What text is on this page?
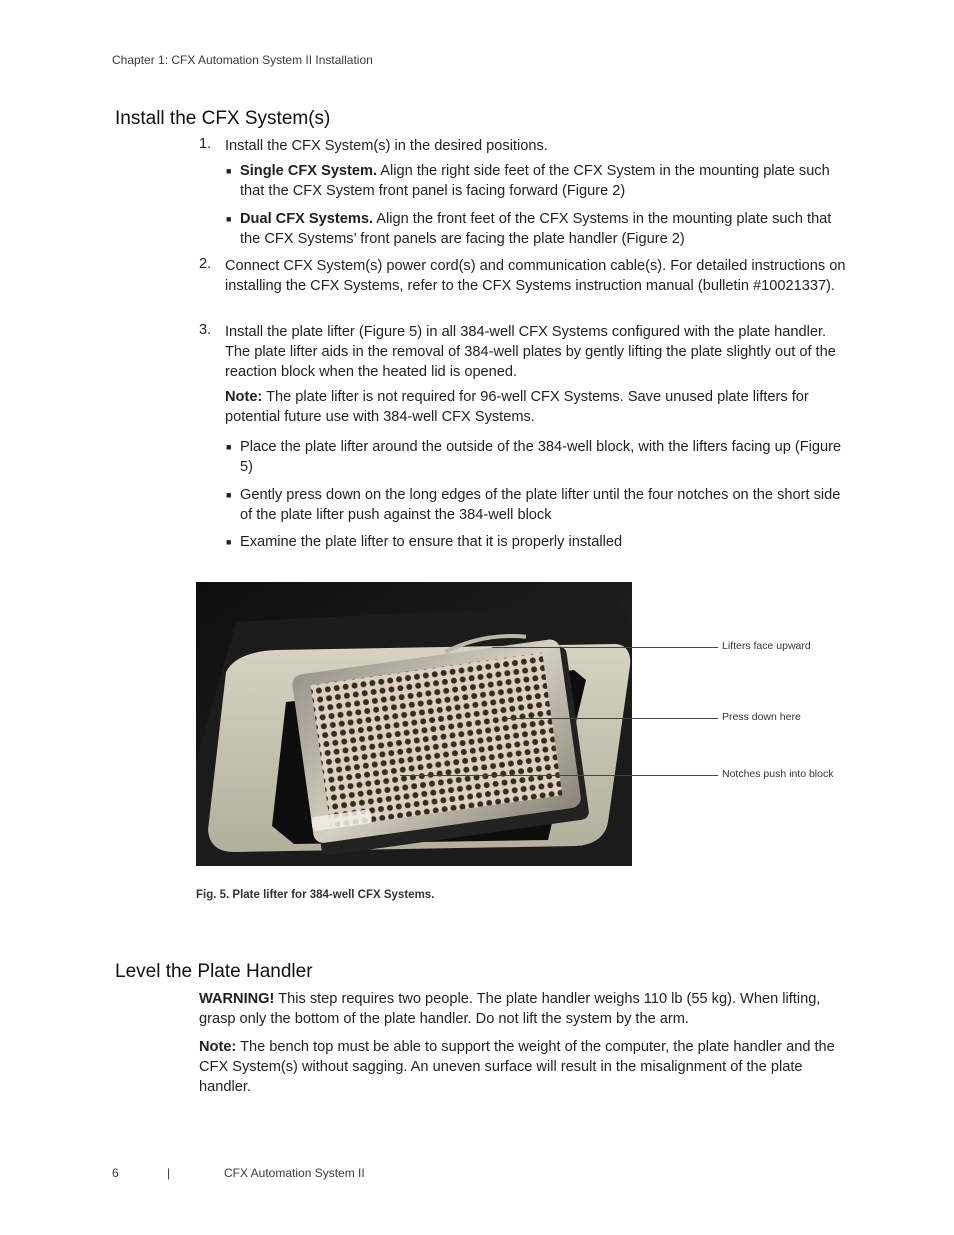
Chapter 1: CFX Automation System II Installation
Install the CFX System(s)
1. Install the CFX System(s) in the desired positions.
■ Single CFX System. Align the right side feet of the CFX System in the mounting plate such that the CFX System front panel is facing forward (Figure 2)
■ Dual CFX Systems. Align the front feet of the CFX Systems in the mounting plate such that the CFX Systems’ front panels are facing the plate handler (Figure 2)
2. Connect CFX System(s) power cord(s) and communication cable(s). For detailed instructions on installing the CFX Systems, refer to the CFX Systems instruction manual (bulletin #10021337).
3. Install the plate lifter (Figure 5) in all 384-well CFX Systems configured with the plate handler. The plate lifter aids in the removal of 384-well plates by gently lifting the plate slightly out of the reaction block when the heated lid is opened.
Note: The plate lifter is not required for 96-well CFX Systems. Save unused plate lifters for potential future use with 384-well CFX Systems.
■ Place the plate lifter around the outside of the 384-well block, with the lifters facing up (Figure 5)
■ Gently press down on the long edges of the plate lifter until the four notches on the short side of the plate lifter push against the 384-well block
■ Examine the plate lifter to ensure that it is properly installed
Lifters face upward
Press down here
Notches push into block
Fig. 5. Plate lifter for 384-well CFX Systems.
Level the Plate Handler
WARNING! This step requires two people. The plate handler weighs 110 lb (55 kg). When lifting, grasp only the bottom of the plate handler. Do not lift the system by the arm.
Note: The bench top must be able to support the weight of the computer, the plate handler and the CFX System(s) without sagging. An uneven surface will result in the misalignment of the plate handler.
6	|	CFX Automation System II
